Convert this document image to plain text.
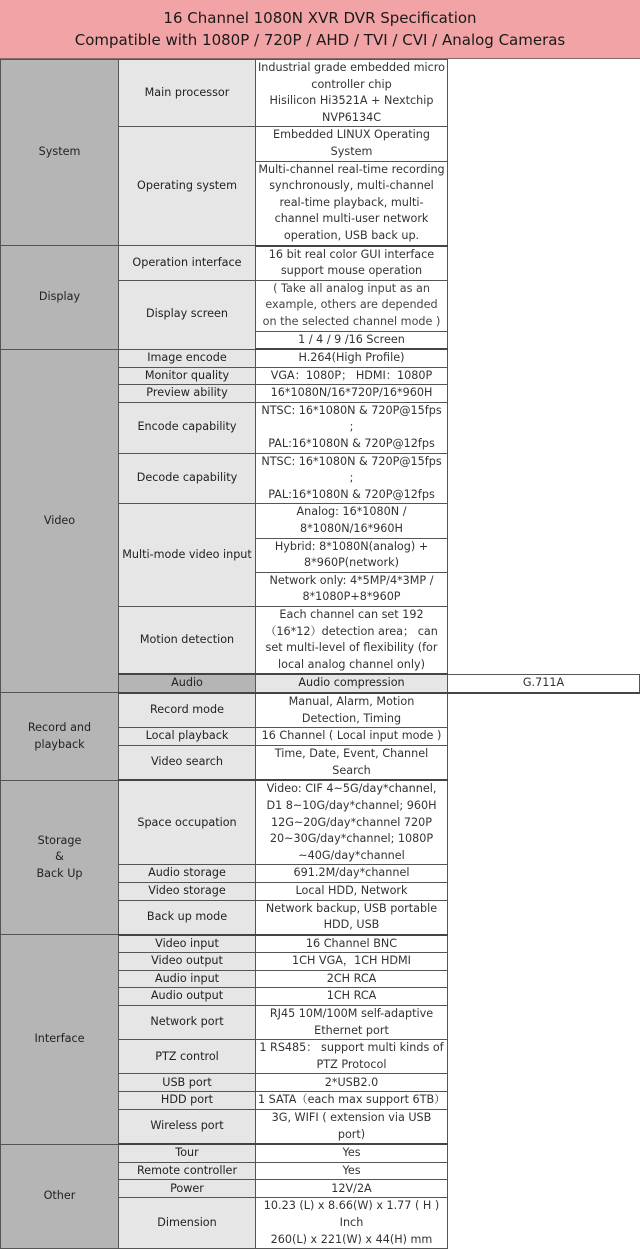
16 Channel 1080N XVR DVR Specification
Compatible with 1080P / 720P / AHD / TVI / CVI / Analog Cameras
System	Main processor	Industrial grade embedded micro controller chip
Hisilicon Hi3521A + Nextchip NVP6134C	

	Operating system	Embedded LINUX Operating System	
		Multi-channel real-time recording synchronously, multi-channel real-time playback, multi-channel multi-user network operation, USB back up.	
Display	Operation interface	16 bit real color GUI interface support mouse operation	
	Display screen	( Take all analog input as an example, others are depended on the selected channel mode )	
		1 / 4 / 9 /16 Screen	
Video	Image encode	H.264(High Profile)	
	Monitor quality	VGA：1080P； HDMI：1080P	
	Preview ability	16*1080N/16*720P/16*960H	
	Encode capability	NTSC: 16*1080N & 720P@15fps ;
PAL:16*1080N & 720P@12fps	

	Decode capability	NTSC: 16*1080N & 720P@15fps ;
PAL:16*1080N & 720P@12fps	

	Multi-mode video input	Analog: 16*1080N / 8*1080N/16*960H	
		Hybrid: 8*1080N(analog) + 8*960P(network)	
		Network only: 4*5MP/4*3MP / 8*1080P+8*960P	
	Motion detection	Each channel can set 192（16*12）detection area； can set multi-level of flexibility (for local analog channel only)	
	Audio	Audio compression	G.711A
Record and playback	Record mode	Manual, Alarm, Motion Detection, Timing	
	Local playback	16 Channel ( Local input mode )	
	Video search	Time, Date, Event, Channel Search	

Storage
&
Back Up	Space occupation	Video: CIF 4~5G/day*channel, D1 8~10G/day*channel; 960H 12G~20G/day*channel 720P 20~30G/day*channel; 1080P ~40G/day*channel	
	Audio storage	691.2M/day*channel	
	Video storage	Local HDD, Network	
	Back up mode	Network backup, USB portable HDD, USB	
Interface	Video input	16 Channel BNC	
	Video output	1CH VGA，1CH HDMI	
	Audio input	2CH RCA	
	Audio output	1CH RCA	
	Network port	RJ45 10M/100M self-adaptive Ethernet port	
	PTZ control	1 RS485： support multi kinds of PTZ Protocol	
	USB port	2*USB2.0	
	HDD port	1 SATA（each max support 6TB）	
	Wireless port	3G, WIFI ( extension via USB port)	
Other	Tour	Yes	
	Remote controller	Yes	
	Power	12V/2A	
	Dimension	10.23 (L) x 8.66(W) x 1.77 ( H ) Inch
260(L) x 221(W) x 44(H) mm	
